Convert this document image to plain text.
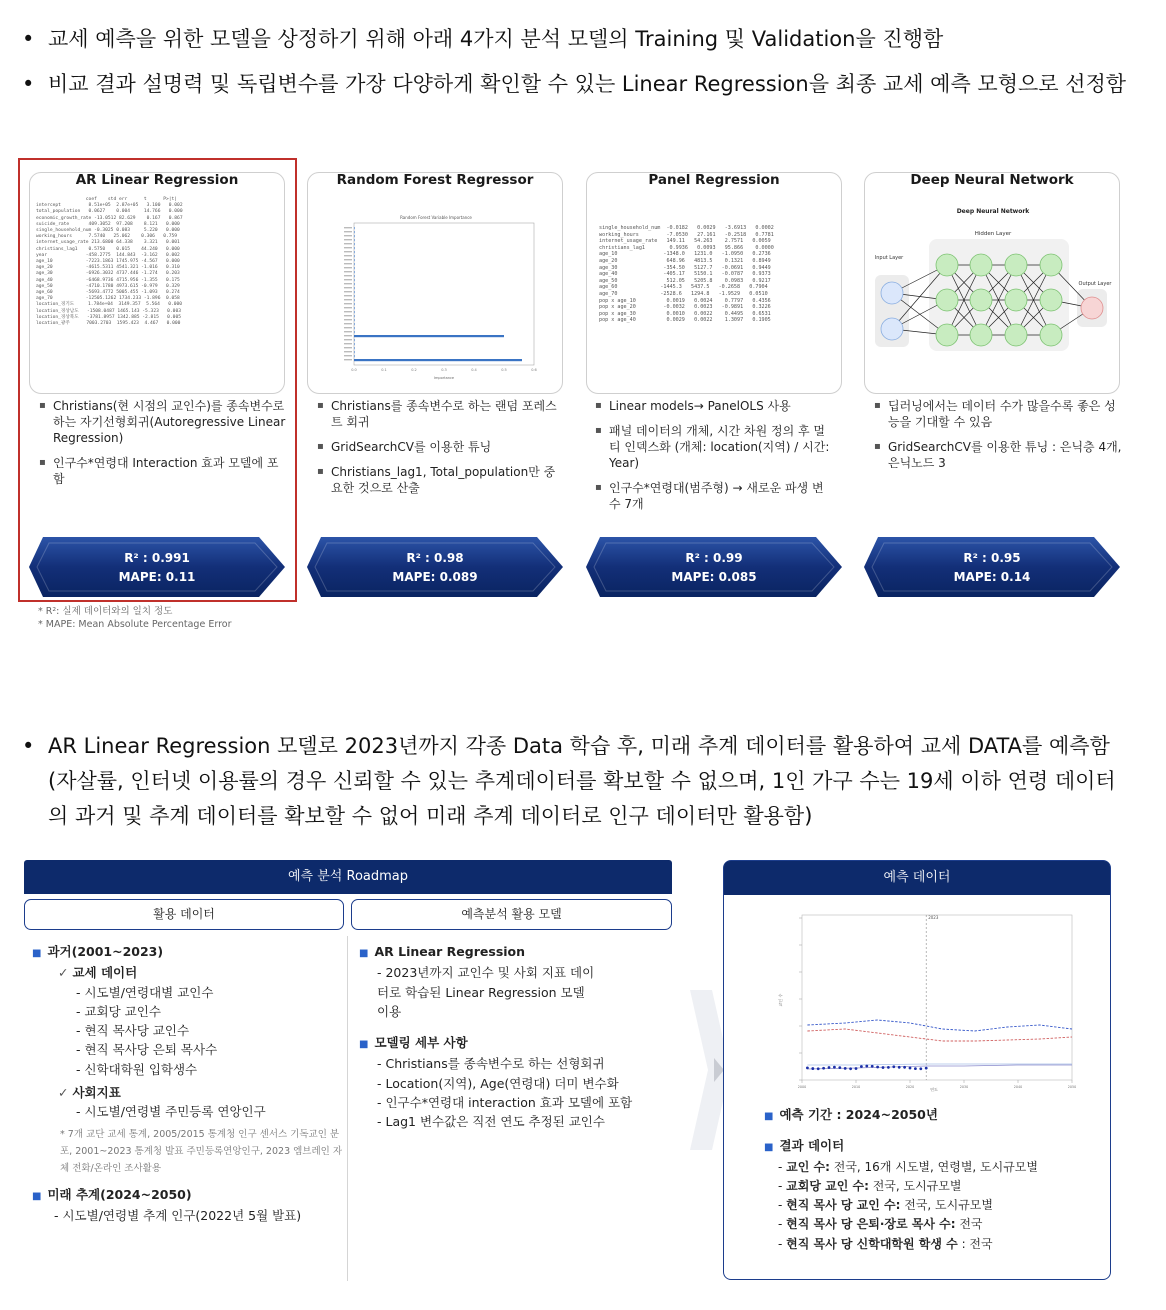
• 교세 예측을 위한 모델을 상정하기 위해 아래 4가지 분석 모델의 Training 및 Validation을 진행함
• 비교 결과 설명력 및 독립변수를 가장 다양하게 확인할 수 있는 Linear Regression을 최종 교세 예측 모형으로 선정함
AR Linear Regression
coef    std err      t      P>|t|
intercept          8.51e+05  2.87e+05   3.100   0.002
total_population   0.0627    0.004     14.766   0.000
economic_growth_rate -13.0512 82.629    0.167   0.867
suicide_rate       409.3052  97.208    8.121   0.000
single_household_num -0.3025 0.083     5.220   0.000
working_hours      7.5740   25.062    0.306   0.759
internet_usage_rate 213.6800 64.338    3.321   0.001
christians_lag1    0.5750    0.015    44.240   0.000
year              -458.2775  144.843  -3.162   0.002
age_10            -7223.1863 1745.975 -4.567   0.000
age_20            -4615.5311 4541.321 -1.016   0.310
age_30            -6926.3032 4737.446 -1.274   0.203
age_40            -6468.9736 4715.956 -1.355   0.175
age_50            -4710.1780 4973.615 -0.979   0.329
age_60            -5693.4772 5005.455 -1.093   0.274
age_70            -12505.1262 1734.233 -1.896  0.058
location_경기도     1.784e+04  3149.357  5.564   0.000
location_경상남도   -1508.0487 1465.143 -5.323   0.003
location_경상북도   -3781.8957 1342.885 -2.815   0.005
location_광주      7003.2703  1595.423  4.467   0.000
Random Forest Regressor
Random Forest Variable Importance
0.0	0.1	0.2	0.3	0.4	0.5	0.6
Importance
Panel Regression
single_household_num  -0.0182   0.0029   -3.6913   0.0002
working_hours         -7.0530   27.161   -0.2518   0.7781
internet_usage_rate   149.11   54.263    2.7571   0.0059
christians_lag1        0.9936   0.0093   95.866    0.0000
age_10               -1348.0   1231.0   -1.0950   0.2736
age_20                648.96   4813.5    0.1321   0.8949
age_30               -354.50   5127.7   -0.0691   0.9449
age_40               -405.17   5150.1   -0.0787   0.9373
age_50                512.05   5205.8    0.0983   0.9217
age_60              -1445.3   5437.5   -0.2658   0.7904
age_70              -2528.6   1294.8   -1.9529   0.0510
pop x age_10          0.0019   0.0024    0.7797   0.4356
pop x age_20         -0.0032   0.0023   -0.9891   0.3226
pop x age_30          0.0010   0.0022    0.4495   0.6531
pop x age_40          0.0029   0.0022    1.3097   0.1905
Deep Neural Network
Deep Neural Network
Hidden Layer
Input Layer
Output Layer
▪ Christians(현 시점의 교인수)를 종속변수로 하는 자기선형회귀(Autoregressive Linear Regression)
▪ 인구수*연령대 Interaction 효과 모델에 포함
▪ Christians를 종속변수로 하는 랜덤 포레스트 회귀
▪ GridSearchCV를 이용한 튜닝
▪ Christians_lag1, Total_population만 중요한 것으로 산출
▪ Linear models→ PanelOLS 사용
▪ 패널 데이터의 개체, 시간 차원 정의 후 멀티 인덱스화 (개체: location(지역) / 시간: Year)
▪ 인구수*연령대(범주형) → 새로운 파생 변수 7개
▪ 딥러닝에서는 데이터 수가 많을수록 좋은 성능을 기대할 수 있음
▪ GridSearchCV를 이용한 튜닝 : 은닉층 4개, 은닉노드 3
R² : 0.991
MAPE: 0.11
R² : 0.98
MAPE: 0.089
R² : 0.99
MAPE: 0.085
R² : 0.95
MAPE: 0.14
* R²: 실제 데이터와의 일치 정도
* MAPE: Mean Absolute Percentage Error
• AR Linear Regression 모델로 2023년까지 각종 Data 학습 후, 미래 추계 데이터를 활용하여 교세 DATA를 예측함 (자살률, 인터넷 이용률의 경우 신뢰할 수 있는 추계데이터를 확보할 수 없으며, 1인 가구 수는 19세 이하 연령 데이터의 과거 및 추계 데이터를 확보할 수 없어 미래 추계 데이터로 인구 데이터만 활용함)
예측 분석 Roadmap
활용 데이터	예측분석 활용 모델
■ 과거(2001~2023)
✓ 교세 데이터
- 시도별/연령대별 교인수
- 교회당 교인수
- 현직 목사당 교인수
- 현직 목사당 은퇴 목사수
- 신학대학원 입학생수
✓ 사회지표
- 시도별/연령별 주민등록 연앙인구
* 7개 교단 교세 통계, 2005/2015 통계청 인구 센서스 기독교인 분포, 2001~2023 통계청 발표 주민등록연앙인구, 2023 엠브레인 자체 전화/온라인 조사활용
■ 미래 추계(2024~2050)
- 시도별/연령별 추계 인구(2022년 5월 발표)
■ AR Linear Regression
- 2023년까지 교인수 및 사회 지표 데이터로 학습된 Linear Regression 모델 이용
■ 모델링 세부 사항
- Christians를 종속변수로 하는 선형회귀
- Location(지역), Age(연령대) 더미 변수화
- 인구수*연령대 interaction 효과 모델에 포함
- Lag1 변수값은 직전 연도 추정된 교인수
예측 데이터
2000	2010	2020	2030	2040	2050
2023
연도
교인 수
■ 예측 기간 : 2024~2050년
■ 결과 데이터
- 교인 수: 전국, 16개 시도별, 연령별, 도시규모별
- 교회당 교인 수: 전국, 도시규모별
- 현직 목사 당 교인 수: 전국, 도시규모별
- 현직 목사 당 은퇴·장로 목사 수: 전국
- 현직 목사 당 신학대학원 학생 수 : 전국
